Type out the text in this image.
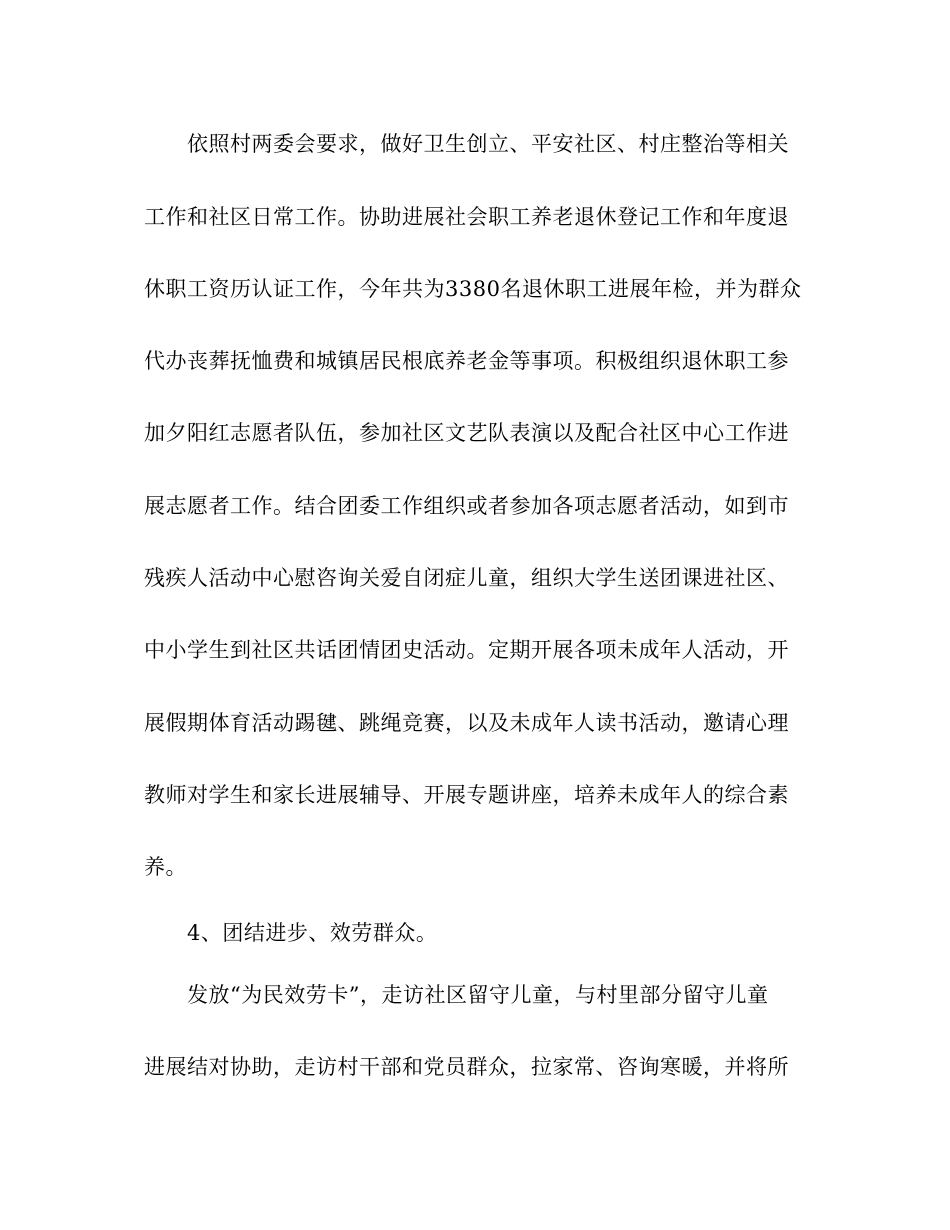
依照村两委会要求，做好卫生创立、平安社区、村庄整治等相关
工作和社区日常工作。协助进展社会职工养老退休登记工作和年度退
休职工资历认证工作，今年共为3380名退休职工进展年检，并为群众
代办丧葬抚恤费和城镇居民根底养老金等事项。积极组织退休职工参
加夕阳红志愿者队伍，参加社区文艺队表演以及配合社区中心工作进
展志愿者工作。结合团委工作组织或者参加各项志愿者活动，如到市
残疾人活动中心慰咨询关爱自闭症儿童，组织大学生送团课进社区、
中小学生到社区共话团情团史活动。定期开展各项未成年人活动，开
展假期体育活动踢毽、跳绳竞赛，以及未成年人读书活动，邀请心理
教师对学生和家长进展辅导、开展专题讲座，培养未成年人的综合素
养。
4、团结进步、效劳群众。
发放“为民效劳卡”，走访社区留守儿童，与村里部分留守儿童
进展结对协助，走访村干部和党员群众，拉家常、咨询寒暖，并将所
